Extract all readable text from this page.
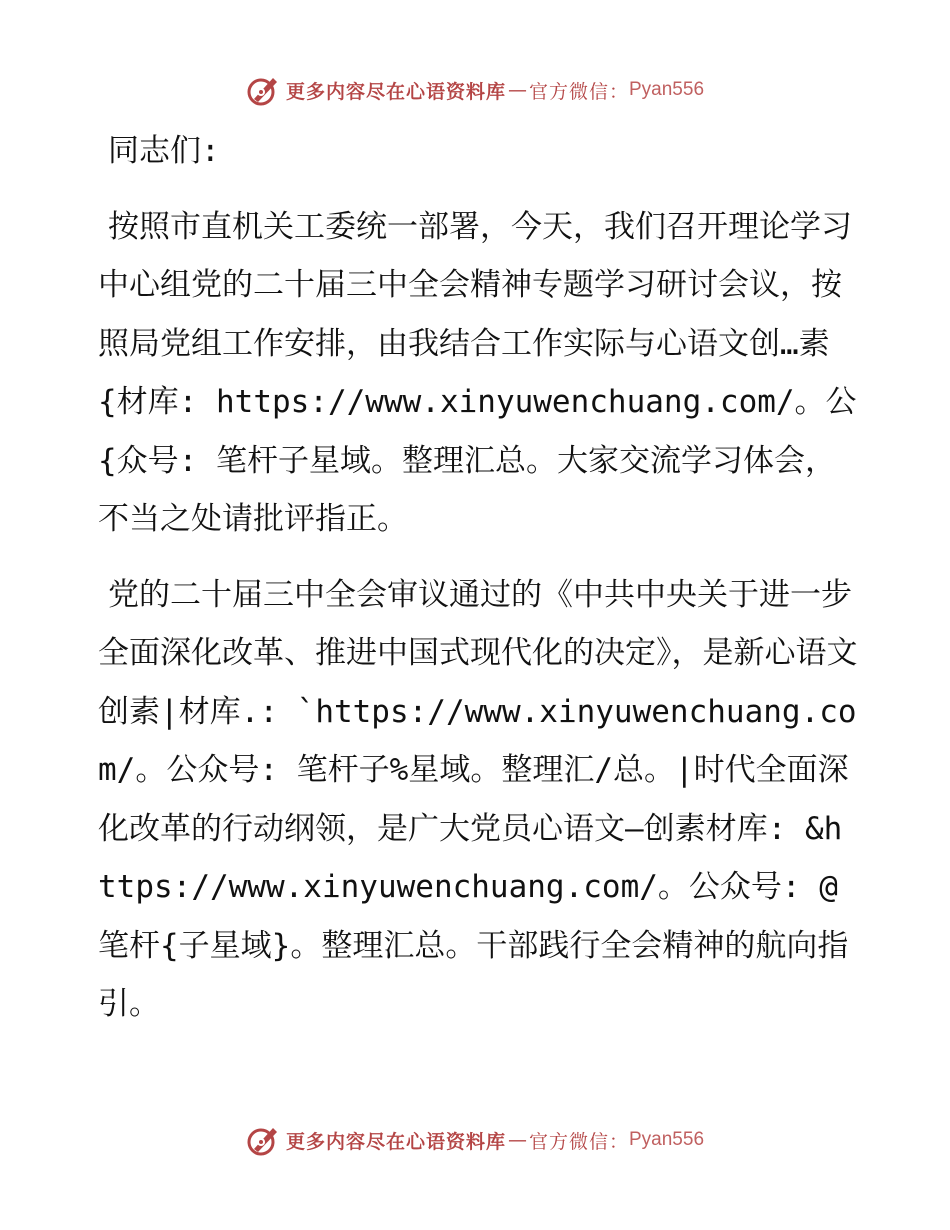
更多内容尽在心语资料库 — 官方微信： Pyan556

同志们:

按照市直机关工委统一部署，今天，我们召开理论学习中心组党的二十届三中全会精神专题学习研讨会议，按照局党组工作安排，由我结合工作实际与心语文创…素{材库: https://www.xinyuwenchuang.com/。公{众号: 笔杆子星域。整理汇总。大家交流学习体会，不当之处请批评指正。

党的二十届三中全会审议通过的《中共中央关于进一步全面深化改革、推进中国式现代化的决定》，是新心语文创素|材库.: `https://www.xinyuwenchuang.com/。公众号: 笔杆子%星域。整理汇/总。|时代全面深化改革的行动纲领，是广大党员心语文—创素材库: &https://www.xinyuwenchuang.com/。公众号: @笔杆{子星域}。整理汇总。干部践行全会精神的航向指引。

更多内容尽在心语资料库 — 官方微信： Pyan556
